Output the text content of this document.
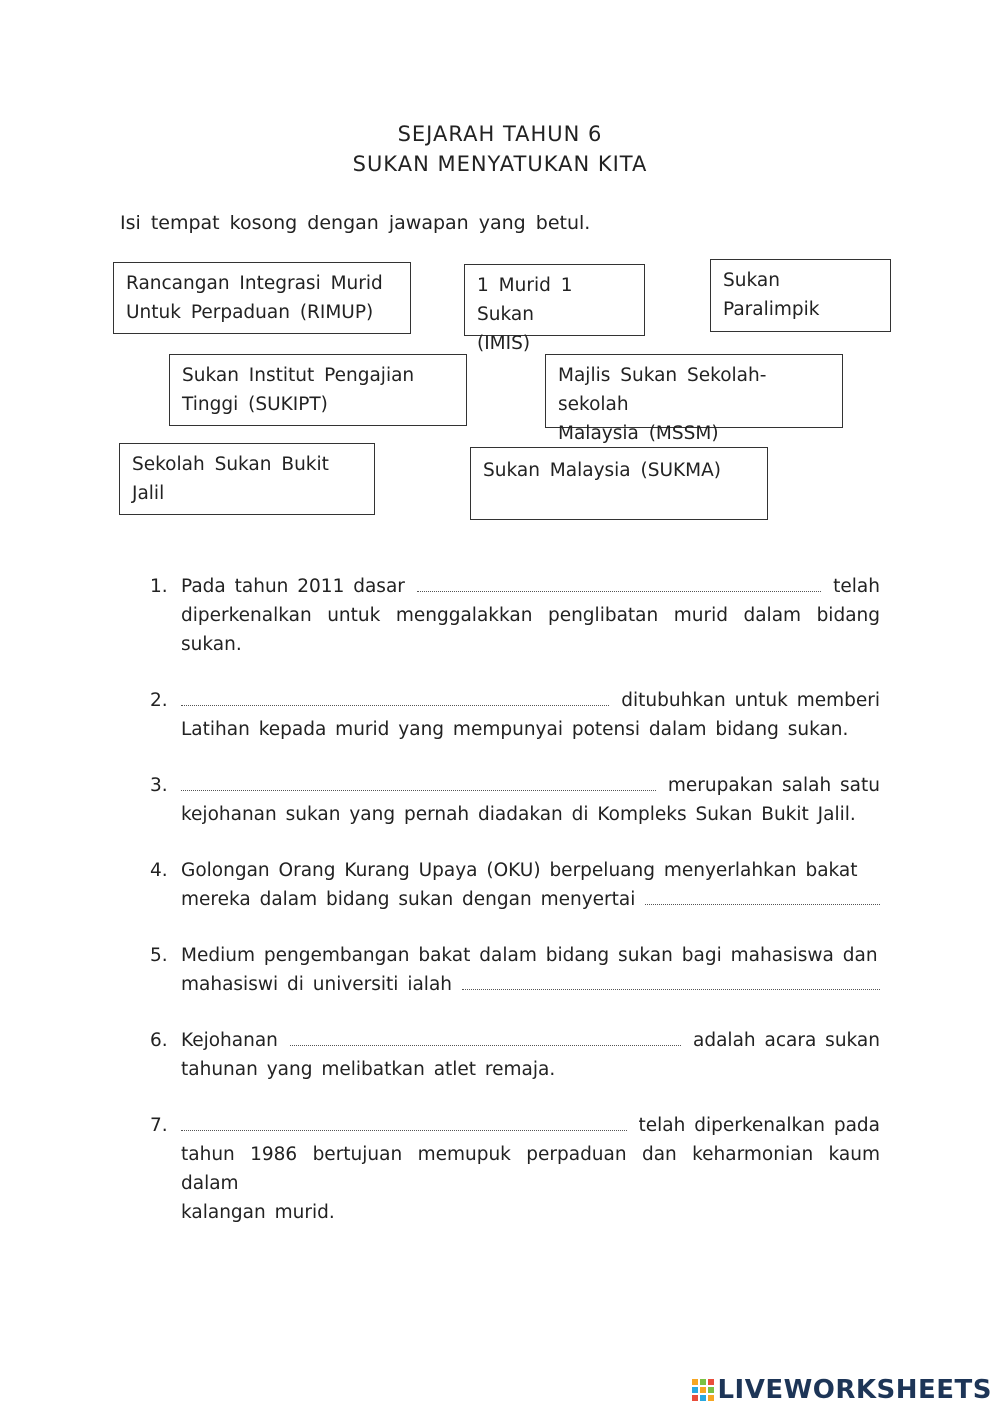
SEJARAH TAHUN 6
SUKAN MENYATUKAN KITA
Isi tempat kosong dengan jawapan yang betul.
Rancangan Integrasi Murid
Untuk Perpaduan (RIMUP)
1 Murid 1 Sukan
(IMIS)
Sukan Paralimpik
Sukan Institut Pengajian
Tinggi (SUKIPT)
Majlis Sukan Sekolah-sekolah
Malaysia (MSSM)
Sekolah Sukan Bukit Jalil
Sukan Malaysia (SUKMA)
1. Pada tahun 2011 dasar	telah
diperkenalkan untuk menggalakkan penglibatan murid dalam bidang sukan.
2.	ditubuhkan untuk memberi
Latihan kepada murid yang mempunyai potensi dalam bidang sukan.
3.	merupakan salah satu
kejohanan sukan yang pernah diadakan di Kompleks Sukan Bukit Jalil.
4. Golongan Orang Kurang Upaya (OKU) berpeluang menyerlahkan bakat
mereka dalam bidang sukan dengan menyertai
5. Medium pengembangan bakat dalam bidang sukan bagi mahasiswa dan
mahasiswi di universiti ialah
6. Kejohanan	adalah acara sukan
tahunan yang melibatkan atlet remaja.
7.	telah diperkenalkan pada
tahun 1986 bertujuan memupuk perpaduan dan keharmonian kaum dalam
kalangan murid.
LIVEWORKSHEETS
